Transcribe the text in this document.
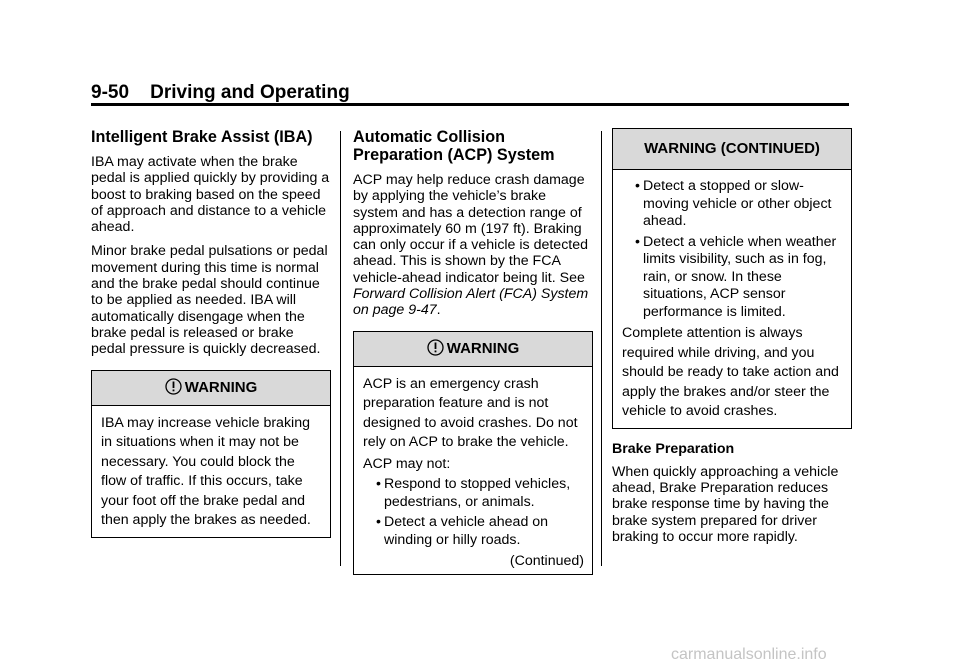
9-50 Driving and Operating
Intelligent Brake Assist (IBA)

IBA may activate when the brake pedal is applied quickly by providing a boost to braking based on the speed of approach and distance to a vehicle ahead.

Minor brake pedal pulsations or pedal movement during this time is normal and the brake pedal should continue to be applied as needed. IBA will automatically disengage when the brake pedal is released or brake pedal pressure is quickly decreased.

WARNING

IBA may increase vehicle braking in situations when it may not be necessary. You could block the flow of traffic. If this occurs, take your foot off the brake pedal and then apply the brakes as needed.

Automatic Collision Preparation (ACP) System

ACP may help reduce crash damage by applying the vehicle’s brake system and has a detection range of approximately 60 m (197 ft). Braking can only occur if a vehicle is detected ahead. This is shown by the FCA vehicle-ahead indicator being lit. See Forward Collision Alert (FCA) System on page 9-47.

WARNING

ACP is an emergency crash preparation feature and is not designed to avoid crashes. Do not rely on ACP to brake the vehicle.

ACP may not:

• Respond to stopped vehicles, pedestrians, or animals.
• Detect a vehicle ahead on winding or hilly roads.
(Continued)
WARNING (CONTINUED)
• Detect a stopped or slow-moving vehicle or other object ahead.
• Detect a vehicle when weather limits visibility, such as in fog, rain, or snow. In these situations, ACP sensor performance is limited.

Complete attention is always required while driving, and you should be ready to take action and apply the brakes and/or steer the vehicle to avoid crashes.

Brake Preparation

When quickly approaching a vehicle ahead, Brake Preparation reduces brake response time by having the brake system prepared for driver braking to occur more rapidly.

carmanualsonline.info
